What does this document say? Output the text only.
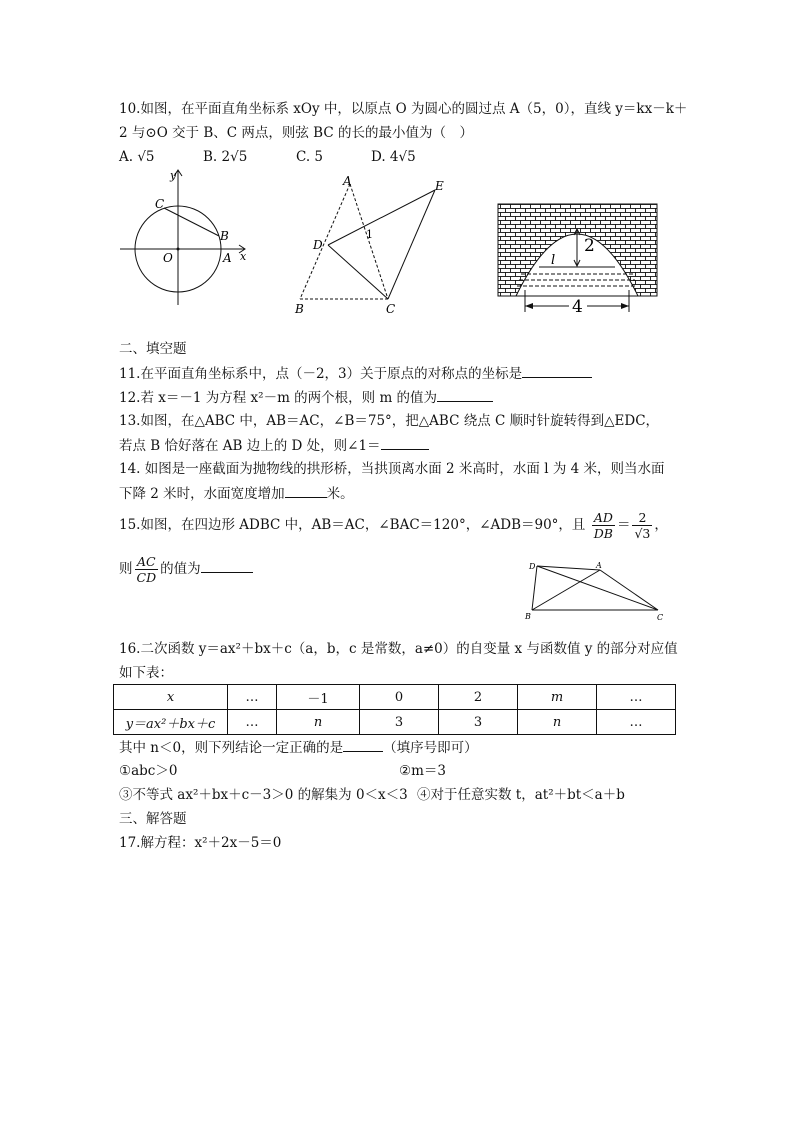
10.如图，在平面直角坐标系 xOy 中，以原点 O 为圆心的圆过点 A（5，0），直线 y＝kx－k＋
2 与⊙O 交于 B、C 两点，则弦 BC 的长的最小值为（　）
A. √5	B. 2√5	C. 5	D. 4√5
C
B
O	A x
y	A	E
D
1
B	C
2
l
4
二、填空题
11.在平面直角坐标系中，点（－2，3）关于原点的对称点的坐标是
12.若 x＝－1 为方程 x²－m 的两个根，则 m 的值为
13.如图，在△ABC 中，AB＝AC，∠B＝75°，把△ABC 绕点 C 顺时针旋转得到△EDC，
若点 B 恰好落在 AB 边上的 D 处，则∠1＝
14. 如图是一座截面为抛物线的拱形桥，当拱顶离水面 2 米高时，水面 l 为 4 米，则当水面
下降 2 米时，水面宽度增加	米。
15.如图，在四边形 ADBC 中，AB＝AC，∠BAC＝120°，∠ADB＝90°，且 $\frac{AD}{DB} = \frac{2}{√3}$ ，
则 $\frac{AC}{CD}$ 的值为	D	A
B	C
16.二次函数 y＝ax²＋bx＋c（a，b，c 是常数，a≠0）的自变量 x 与函数值 y 的部分对应值
如下表：
x	…	－1	0	2	m	…
y＝ax²＋bx＋c	…	n	3	3	n	…
其中 n＜0，则下列结论一定正确的是	（填序号即可）
①abc＞0	②m＝3
③不等式 ax²＋bx＋c－3＞0 的解集为 0＜x＜3 ④对于任意实数 t，at²＋bt＜a＋b
三、解答题
17.解方程：x²＋2x－5＝0
